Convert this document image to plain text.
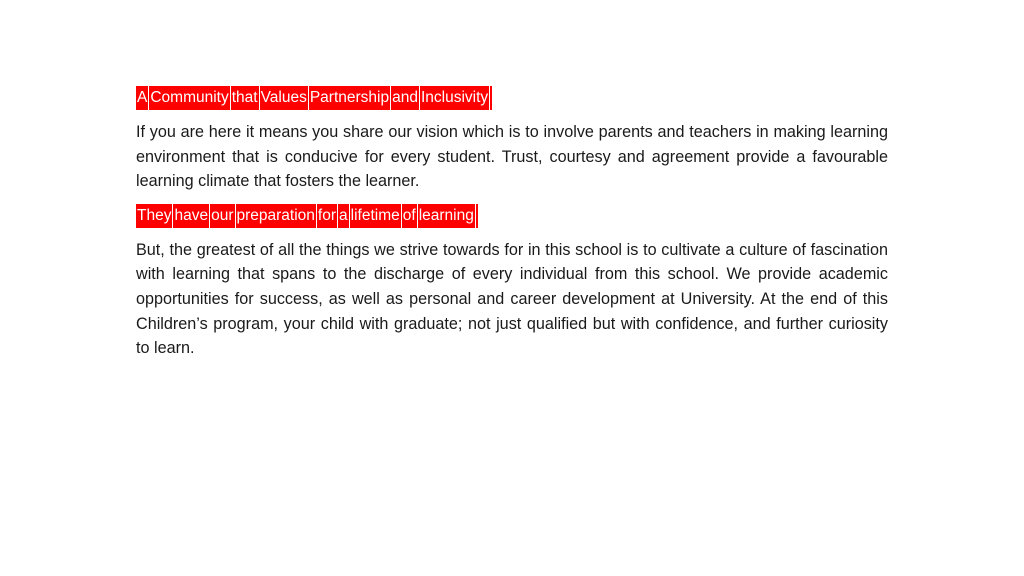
A Community that Values Partnership and Inclusivity

If you are here it means you share our vision which is to involve parents and teachers in making learning environment that is conducive for every student. Trust, courtesy and agreement provide a favourable learning climate that fosters the learner.

They have our preparation for a lifetime of learning

But, the greatest of all the things we strive towards for in this school is to cultivate a culture of fascination with learning that spans to the discharge of every individual from this school. We provide academic opportunities for success, as well as personal and career development at University. At the end of this Children’s program, your child with graduate; not just qualified but with confidence, and further curiosity to learn.
